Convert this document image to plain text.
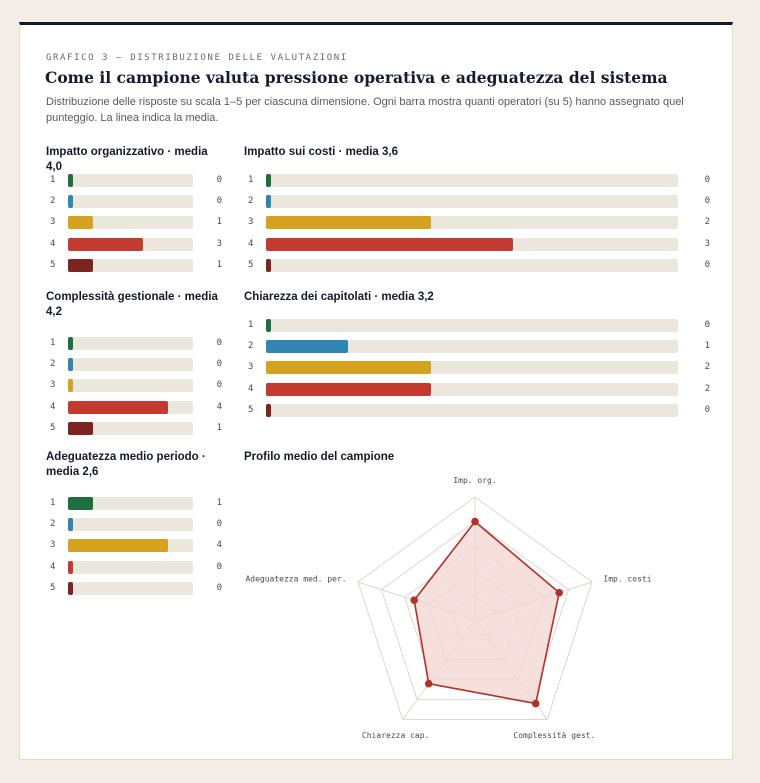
GRAFICO 3 — DISTRIBUZIONE DELLE VALUTAZIONI
Come il campione valuta pressione operativa e adeguatezza del sistema
Distribuzione delle risposte su scala 1–5 per ciascuna dimensione. Ogni barra mostra quanti operatori (su 5) hanno assegnato quel punteggio. La linea indica la media.
Impatto organizzativo · media 4,0
1	0
2	0
3	1
4	3
5	1
Impatto sui costi · media 3,6
1	0
2	0
3	2
4	3
5	0
Complessità gestionale · media 4,2
1	0
2	0
3	0
4	4
5	1
Chiarezza dei capitolati · media 3,2
1	0
2	1
3	2
4	2
5	0
Adeguatezza medio periodo · media 2,6
1	1
2	0
3	4
4	0
5	0
Profilo medio del campione
Imp. org.
Imp. costi
Complessità gest.
Chiarezza cap.
Adeguatezza med. per.
